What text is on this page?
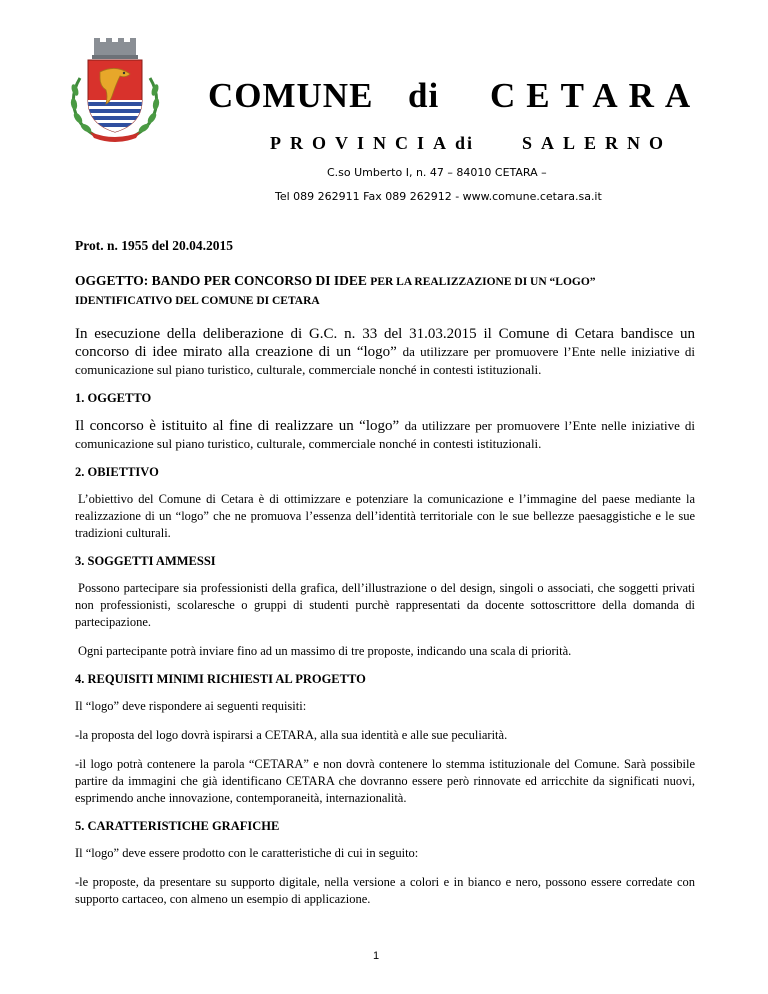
COMUNE di CETARA
PROVINCIA di	SALERNO
C.so Umberto I, n. 47 – 84010 CETARA –
Tel 089 262911 Fax 089 262912 - www.comune.cetara.sa.it

Prot. n. 1955 del 20.04.2015

OGGETTO: BANDO PER CONCORSO DI IDEE PER LA REALIZZAZIONE DI UN “LOGO” IDENTIFICATIVO DEL COMUNE DI CETARA

In esecuzione della deliberazione di G.C. n. 33 del 31.03.2015 il Comune di Cetara bandisce un concorso di idee mirato alla creazione di un “logo” da utilizzare per promuovere l’Ente nelle iniziative di comunicazione sul piano turistico, culturale, commerciale nonché in contesti istituzionali.

1. OGGETTO

Il concorso è istituito al fine di realizzare un “logo” da utilizzare per promuovere l’Ente nelle iniziative di comunicazione sul piano turistico, culturale, commerciale nonché in contesti istituzionali.

2. OBIETTIVO

L’obiettivo del Comune di Cetara è di ottimizzare e potenziare la comunicazione e l’immagine del paese mediante la realizzazione di un “logo” che ne promuova l’essenza dell’identità territoriale con le sue bellezze paesaggistiche e le sue tradizioni culturali.

3. SOGGETTI AMMESSI

Possono partecipare sia professionisti della grafica, dell’illustrazione o del design, singoli o associati, che soggetti privati non professionisti, scolaresche o gruppi di studenti purchè rappresentati da docente sottoscrittore della domanda di partecipazione.

Ogni partecipante potrà inviare fino ad un massimo di tre proposte, indicando una scala di priorità.

4. REQUISITI MINIMI RICHIESTI AL PROGETTO

Il “logo” deve rispondere ai seguenti requisiti:

-la proposta del logo dovrà ispirarsi a CETARA, alla sua identità e alle sue peculiarità.

-il logo potrà contenere la parola “CETARA” e non dovrà contenere lo stemma istituzionale del Comune. Sarà possibile partire da immagini che già identificano CETARA che dovranno essere però rinnovate ed arricchite da significati nuovi, esprimendo anche innovazione, contemporaneità, internazionalità.

5. CARATTERISTICHE GRAFICHE

Il “logo” deve essere prodotto con le caratteristiche di cui in seguito:

-le proposte, da presentare su supporto digitale, nella versione a colori e in bianco e nero, possono essere corredate con supporto cartaceo, con almeno un esempio di applicazione.

1
